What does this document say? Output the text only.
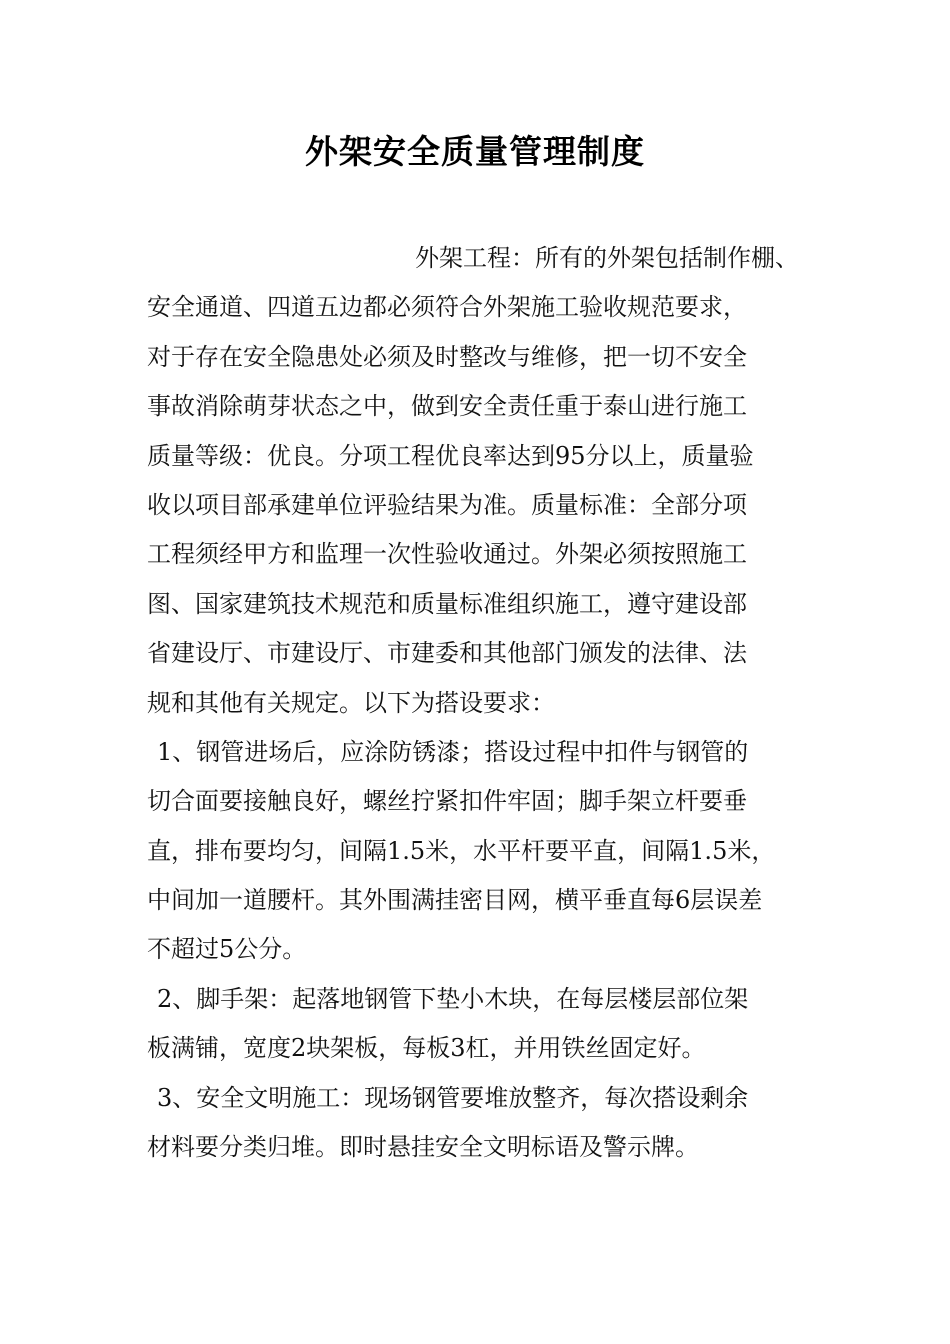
外架安全质量管理制度
外架工程：所有的外架包括制作棚、
安全通道、四道五边都必须符合外架施工验收规范要求，
对于存在安全隐患处必须及时整改与维修，把一切不安全
事故消除萌芽状态之中，做到安全责任重于泰山进行施工
质量等级：优良。分项工程优良率达到95分以上，质量验
收以项目部承建单位评验结果为准。质量标准：全部分项
工程须经甲方和监理一次性验收通过。外架必须按照施工
图、国家建筑技术规范和质量标准组织施工，遵守建设部
省建设厅、市建设厅、市建委和其他部门颁发的法律、法
规和其他有关规定。以下为搭设要求：
1、钢管进场后，应涂防锈漆；搭设过程中扣件与钢管的
切合面要接触良好，螺丝拧紧扣件牢固；脚手架立杆要垂
直，排布要均匀，间隔1.5米，水平杆要平直，间隔1.5米，
中间加一道腰杆。其外围满挂密目网，横平垂直每6层误差
不超过5公分。
2、脚手架：起落地钢管下垫小木块，在每层楼层部位架
板满铺，宽度2块架板，每板3杠，并用铁丝固定好。
3、安全文明施工：现场钢管要堆放整齐，每次搭设剩余
材料要分类归堆。即时悬挂安全文明标语及警示牌。
